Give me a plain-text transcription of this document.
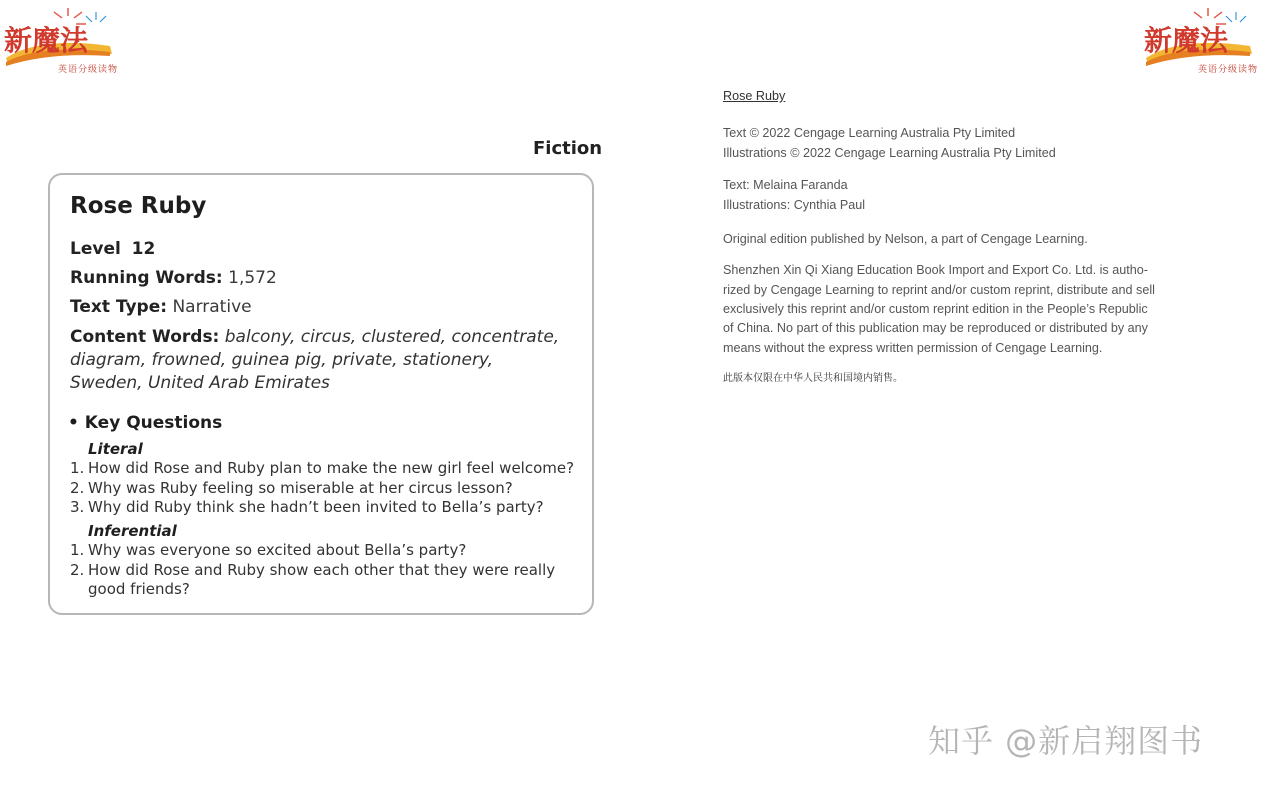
新魔法
英语分级读物
新魔法
英语分级读物
Fiction
Rose Ruby
Level 12
Running Words: 1,572
Text Type: Narrative
Content Words: balcony, circus, clustered, concentrate, diagram, frowned, guinea pig, private, stationery, Sweden, United Arab Emirates
• Key Questions
Literal
1. How did Rose and Ruby plan to make the new girl feel welcome?
2. Why was Ruby feeling so miserable at her circus lesson?
3. Why did Ruby think she hadn’t been invited to Bella’s party?
Inferential
1. Why was everyone so excited about Bella’s party?
2. How did Rose and Ruby show each other that they were really good friends?
Rose Ruby
Text © 2022 Cengage Learning Australia Pty Limited
Illustrations © 2022 Cengage Learning Australia Pty Limited
Text: Melaina Faranda
Illustrations: Cynthia Paul
Original edition published by Nelson, a part of Cengage Learning.
Shenzhen Xin Qi Xiang Education Book Import and Export Co. Ltd. is autho-
rized by Cengage Learning to reprint and/or custom reprint, distribute and sell
exclusively this reprint and/or custom reprint edition in the People’s Republic
of China. No part of this publication may be reproduced or distributed by any
means without the express written permission of Cengage Learning.
此版本仅限在中华人民共和国境内销售。
知乎 @新启翔图书
